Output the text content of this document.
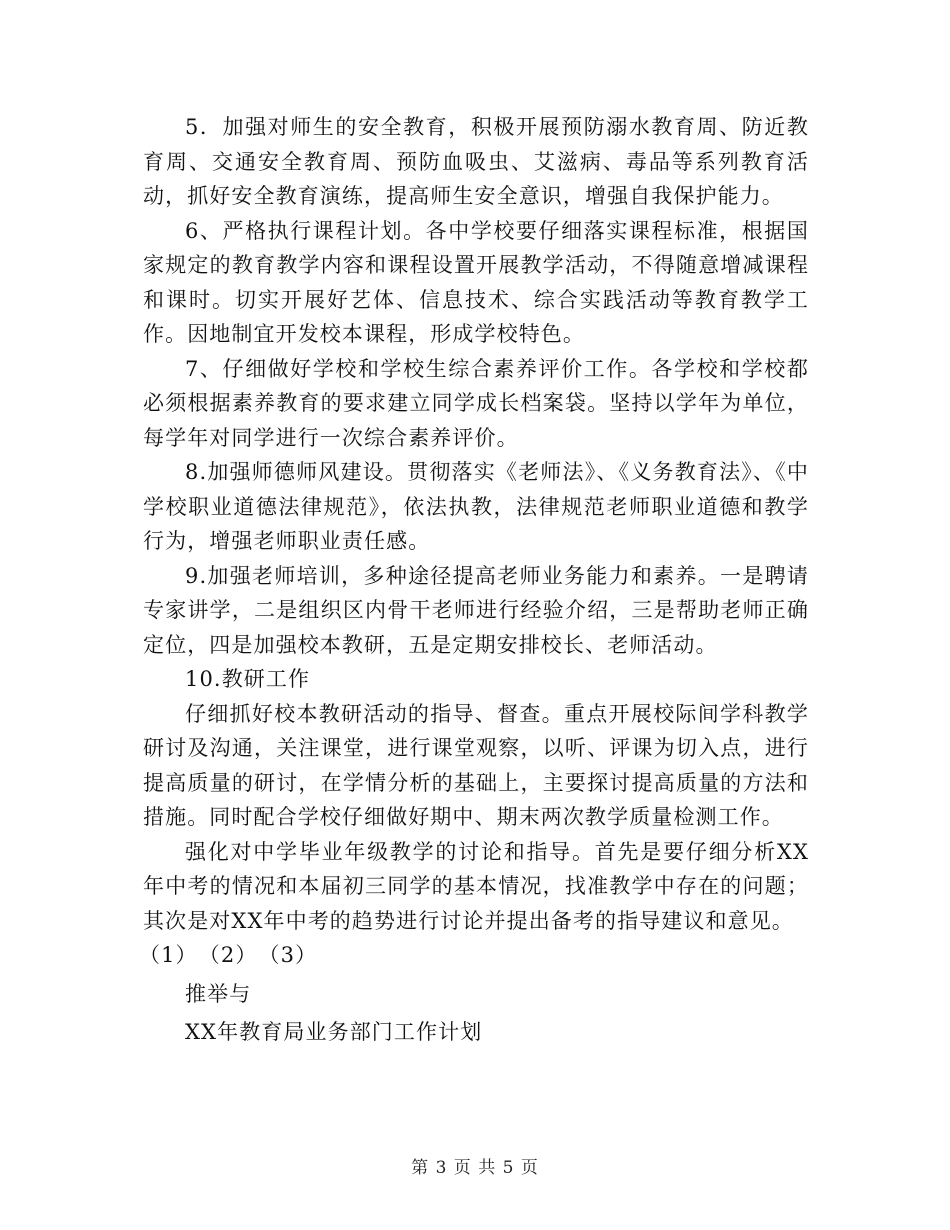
5．加强对师生的安全教育，积极开展预防溺水教育周、防近教育周、交通安全教育周、预防血吸虫、艾滋病、毒品等系列教育活动，抓好安全教育演练，提高师生安全意识，增强自我保护能力。

6、严格执行课程计划。各中学校要仔细落实课程标准，根据国家规定的教育教学内容和课程设置开展教学活动，不得随意增减课程和课时。切实开展好艺体、信息技术、综合实践活动等教育教学工作。因地制宜开发校本课程，形成学校特色。

7、仔细做好学校和学校生综合素养评价工作。各学校和学校都必须根据素养教育的要求建立同学成长档案袋。坚持以学年为单位，每学年对同学进行一次综合素养评价。

8.加强师德师风建设。贯彻落实《老师法》、《义务教育法》、《中学校职业道德法律规范》，依法执教，法律规范老师职业道德和教学行为，增强老师职业责任感。

9.加强老师培训，多种途径提高老师业务能力和素养。一是聘请专家讲学，二是组织区内骨干老师进行经验介绍，三是帮助老师正确定位，四是加强校本教研，五是定期安排校长、老师活动。

10.教研工作

仔细抓好校本教研活动的指导、督查。重点开展校际间学科教学研讨及沟通，关注课堂，进行课堂观察，以听、评课为切入点，进行提高质量的研讨，在学情分析的基础上，主要探讨提高质量的方法和措施。同时配合学校仔细做好期中、期末两次教学质量检测工作。

强化对中学毕业年级教学的讨论和指导。首先是要仔细分析XX年中考的情况和本届初三同学的基本情况，找准教学中存在的问题；其次是对XX年中考的趋势进行讨论并提出备考的指导建议和意见。

（1）　（2）　（3）

推举与

XX年教育局业务部门工作计划

第 3 页 共 5 页
